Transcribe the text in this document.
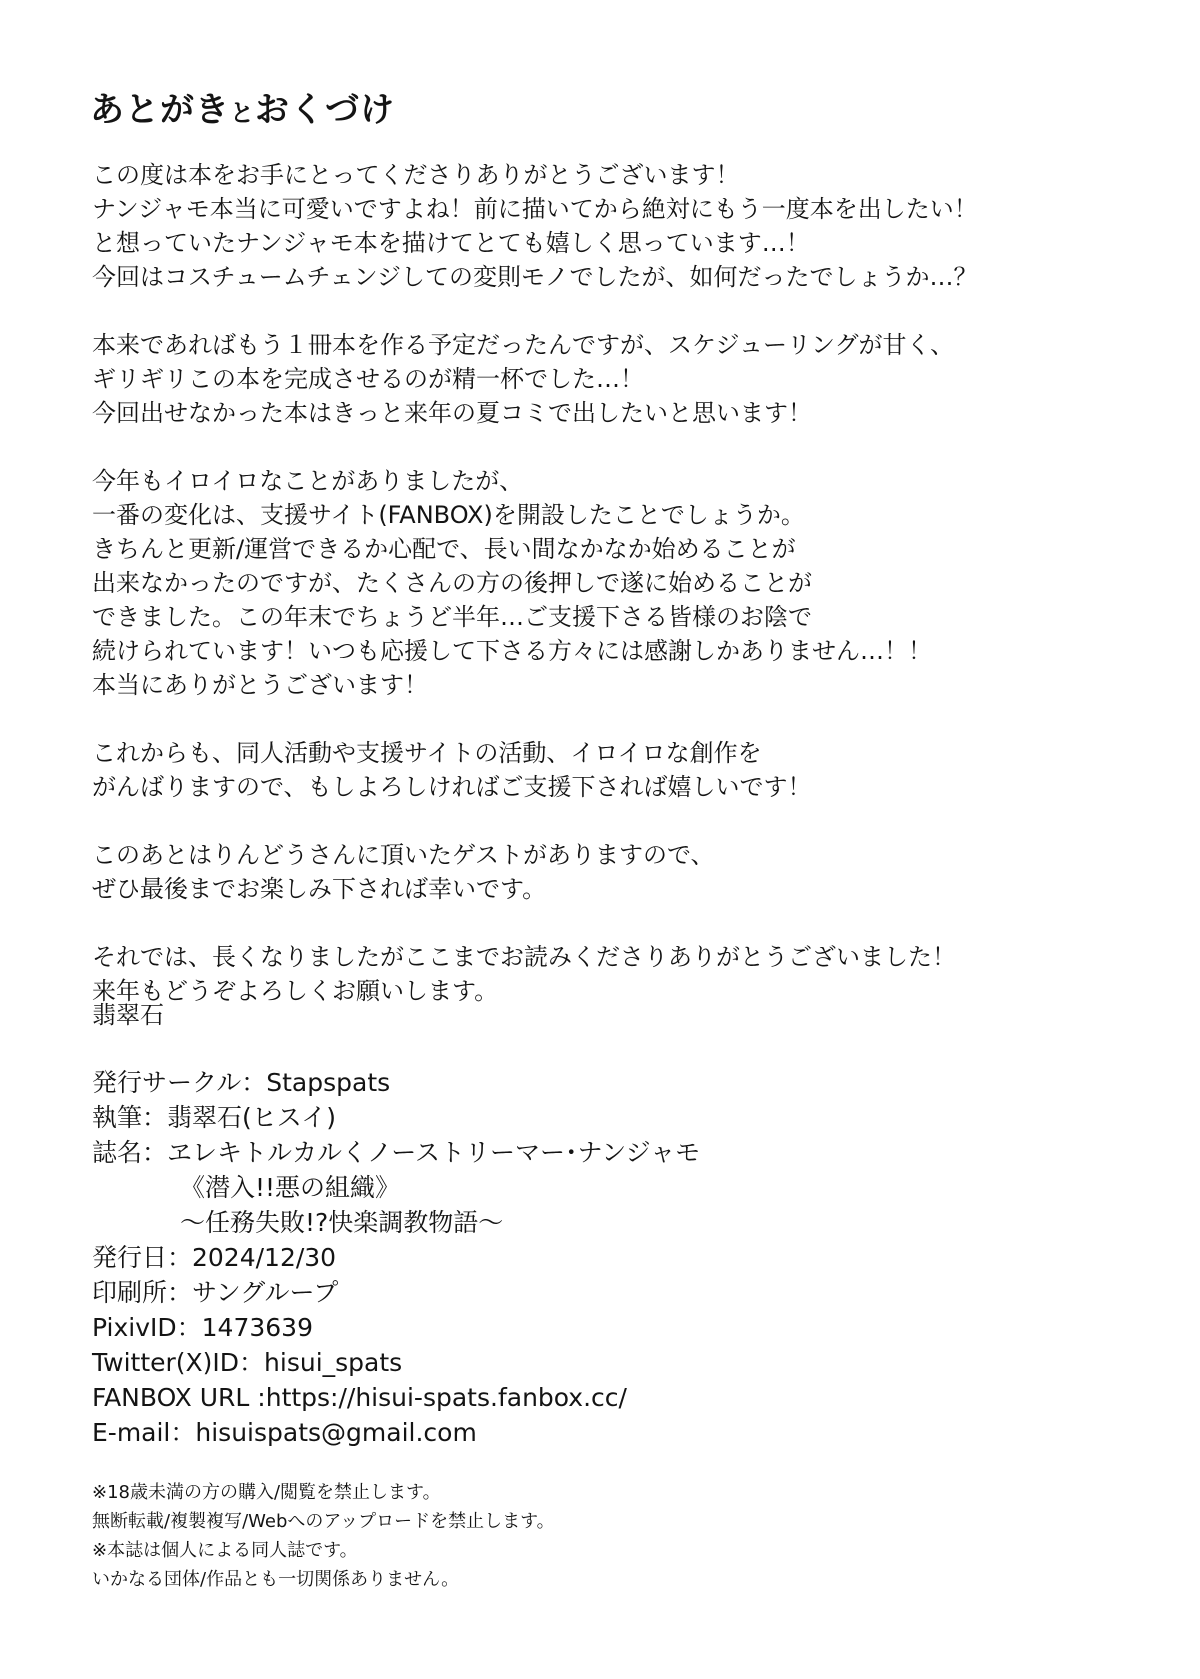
あとがきとおくづけ
この度は本をお手にとってくださりありがとうございます！
ナンジャモ本当に可愛いですよね！前に描いてから絶対にもう一度本を出したい！
と想っていたナンジャモ本を描けてとても嬉しく思っています…！
今回はコスチュームチェンジしての変則モノでしたが、如何だったでしょうか…？
本来であればもう１冊本を作る予定だったんですが、スケジューリングが甘く、
ギリギリこの本を完成させるのが精一杯でした…！
今回出せなかった本はきっと来年の夏コミで出したいと思います！
今年もイロイロなことがありましたが、
一番の変化は、支援サイト(FANBOX)を開設したことでしょうか。
きちんと更新/運営できるか心配で、長い間なかなか始めることが
出来なかったのですが、たくさんの方の後押しで遂に始めることが
できました。この年末でちょうど半年…ご支援下さる皆様のお陰で
続けられています！いつも応援して下さる方々には感謝しかありません…！！
本当にありがとうございます！
これからも、同人活動や支援サイトの活動、イロイロな創作を
がんばりますので、もしよろしければご支援下されば嬉しいです！
このあとはりんどうさんに頂いたゲストがありますので、
ぜひ最後までお楽しみ下されば幸いです。
それでは、長くなりましたがここまでお読みくださりありがとうございました！
来年もどうぞよろしくお願いします。
翡翠石
発行サークル：Stapspats
執筆：翡翠石(ヒスイ)
誌名：ヱレキトルカルくノーストリーマー･ナンジャモ
《潜入!!悪の組織》
～任務失敗!?快楽調教物語～
発行日：2024/12/30
印刷所：サングループ
PixivID：1473639
Twitter(X)ID：hisui_spats
FANBOX URL :https://hisui-spats.fanbox.cc/
E-mail：hisuispats@gmail.com
※18歳未満の方の購入/閲覧を禁止します。
無断転載/複製複写/Webへのアップロードを禁止します。
※本誌は個人による同人誌です。
いかなる団体/作品とも一切関係ありません。
